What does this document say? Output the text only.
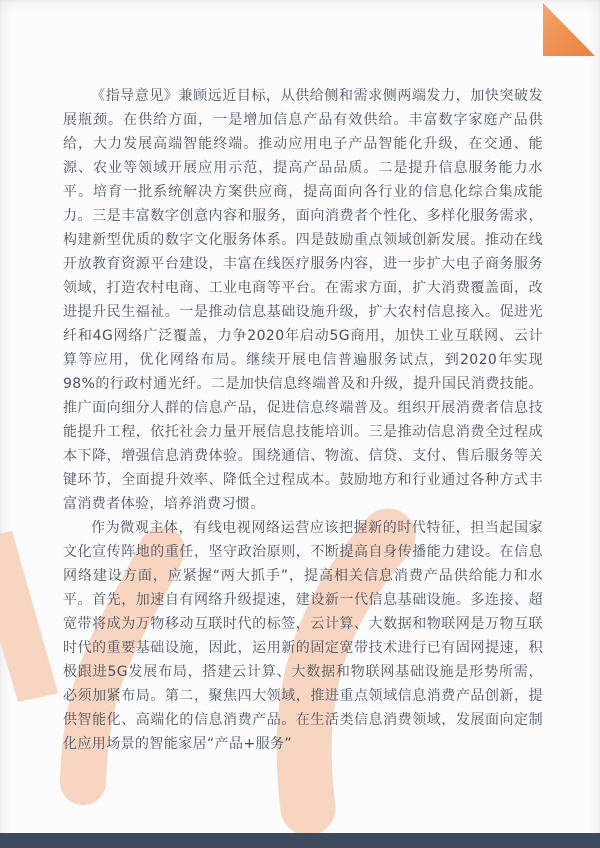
《指导意见》兼顾远近目标，从供给侧和需求侧两端发力，加快突破发展瓶颈。在供给方面，一是增加信息产品有效供给。丰富数字家庭产品供给，大力发展高端智能终端。推动应用电子产品智能化升级，在交通、能源、农业等领域开展应用示范，提高产品品质。二是提升信息服务能力水平。培育一批系统解决方案供应商，提高面向各行业的信息化综合集成能力。三是丰富数字创意内容和服务，面向消费者个性化、多样化服务需求，构建新型优质的数字文化服务体系。四是鼓励重点领域创新发展。推动在线开放教育资源平台建设，丰富在线医疗服务内容，进一步扩大电子商务服务领域，打造农村电商、工业电商等平台。在需求方面，扩大消费覆盖面，改进提升民生福祉。一是推动信息基础设施升级，扩大农村信息接入。促进光纤和4G网络广泛覆盖，力争2020年启动5G商用，加快工业互联网、云计算等应用，优化网络布局。继续开展电信普遍服务试点，到2020年实现98%的行政村通光纤。二是加快信息终端普及和升级，提升国民消费技能。推广面向细分人群的信息产品，促进信息终端普及。组织开展消费者信息技能提升工程，依托社会力量开展信息技能培训。三是推动信息消费全过程成本下降，增强信息消费体验。围绕通信、物流、信贷、支付、售后服务等关键环节，全面提升效率、降低全过程成本。鼓励地方和行业通过各种方式丰富消费者体验，培养消费习惯。

作为微观主体，有线电视网络运营应该把握新的时代特征，担当起国家文化宣传阵地的重任，坚守政治原则，不断提高自身传播能力建设。在信息网络建设方面，应紧握“两大抓手”，提高相关信息消费产品供给能力和水平。首先，加速自有网络升级提速，建设新一代信息基础设施。多连接、超宽带将成为万物移动互联时代的标签，云计算、大数据和物联网是万物互联时代的重要基础设施，因此，运用新的固定宽带技术进行已有固网提速，积极跟进5G发展布局，搭建云计算、大数据和物联网基础设施是形势所需，必须加紧布局。第二，聚焦四大领域，推进重点领域信息消费产品创新，提供智能化、高端化的信息消费产品。在生活类信息消费领域，发展面向定制化应用场景的智能家居“产品+服务”
